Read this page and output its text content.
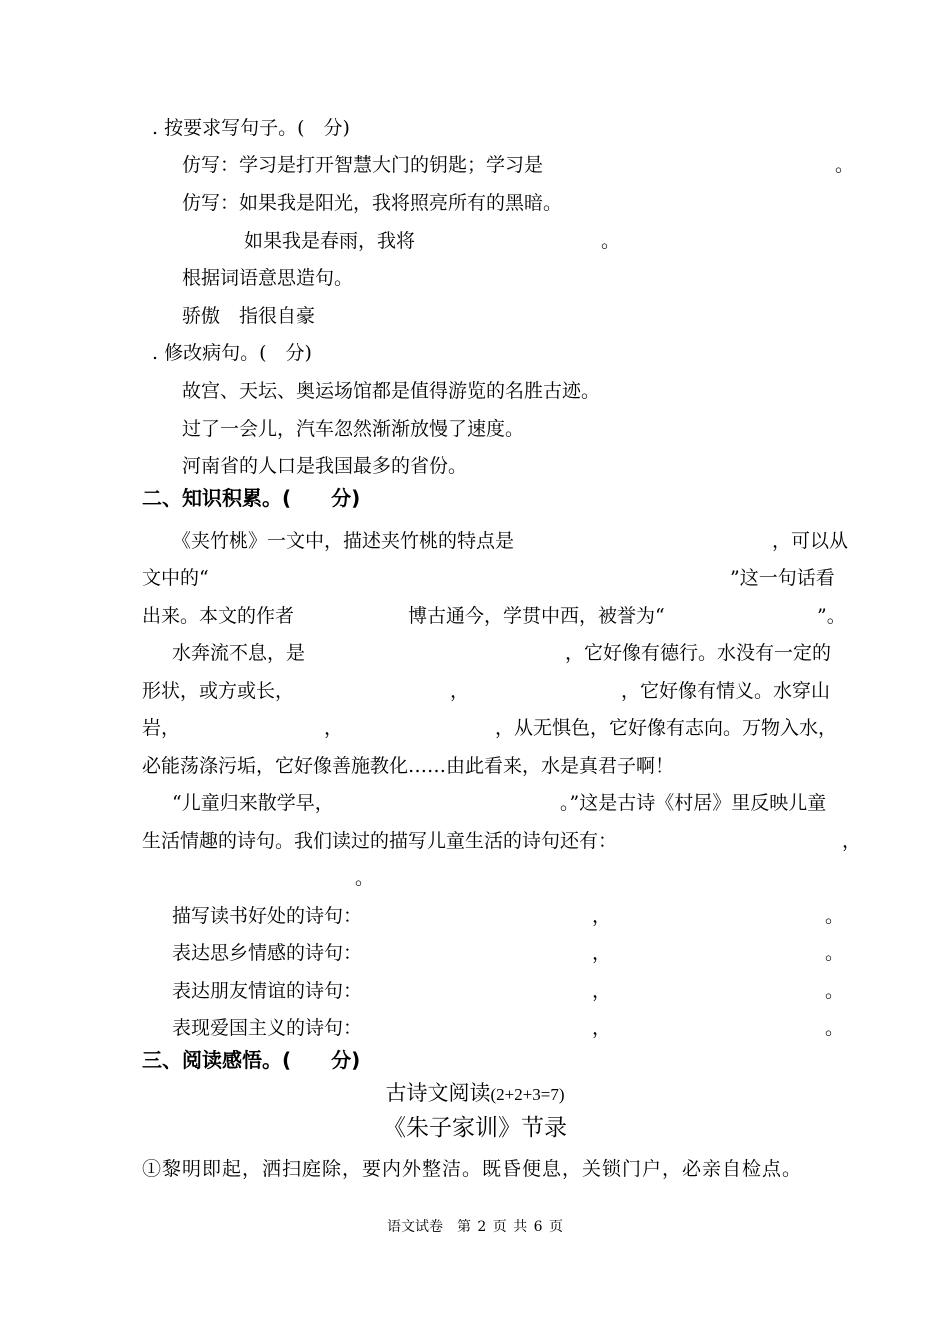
. 按要求写句子。(　分)
仿写：学习是打开智慧大门的钥匙；学习是	。
仿写：如果我是阳光，我将照亮所有的黑暗。
如果我是春雨，我将	。
根据词语意思造句。
骄傲　指很自豪
. 修改病句。(　分)
故宫、天坛、奥运场馆都是值得游览的名胜古迹。
过了一会儿，汽车忽然渐渐放慢了速度。
河南省的人口是我国最多的省份。
二、知识积累。(　　分)
《夹竹桃》一文中，描述夹竹桃的特点是	，可以从
文中的“	”这一句话看
出来。本文的作者	博古通今，学贯中西，被誉为“	”。
水奔流不息，是	，它好像有德行。水没有一定的
形状，或方或长，	，	，它好像有情义。水穿山
岩，	，	，从无惧色，它好像有志向。万物入水，
必能荡涤污垢，它好像善施教化……由此看来，水是真君子啊！
“儿童归来散学早，	。”这是古诗《村居》里反映儿童
生活情趣的诗句。我们读过的描写儿童生活的诗句还有：	，
。
描写读书好处的诗句：	，	。
表达思乡情感的诗句：	，	。
表达朋友情谊的诗句：	，	。
表现爱国主义的诗句：	，	。
三、阅读感悟。(　　分)
古诗文阅读(2+2+3=7)
《朱子家训》节录
①黎明即起，洒扫庭除，要内外整洁。既昏便息，关锁门户，必亲自检点。
语文试卷　第 2 页 共 6 页
